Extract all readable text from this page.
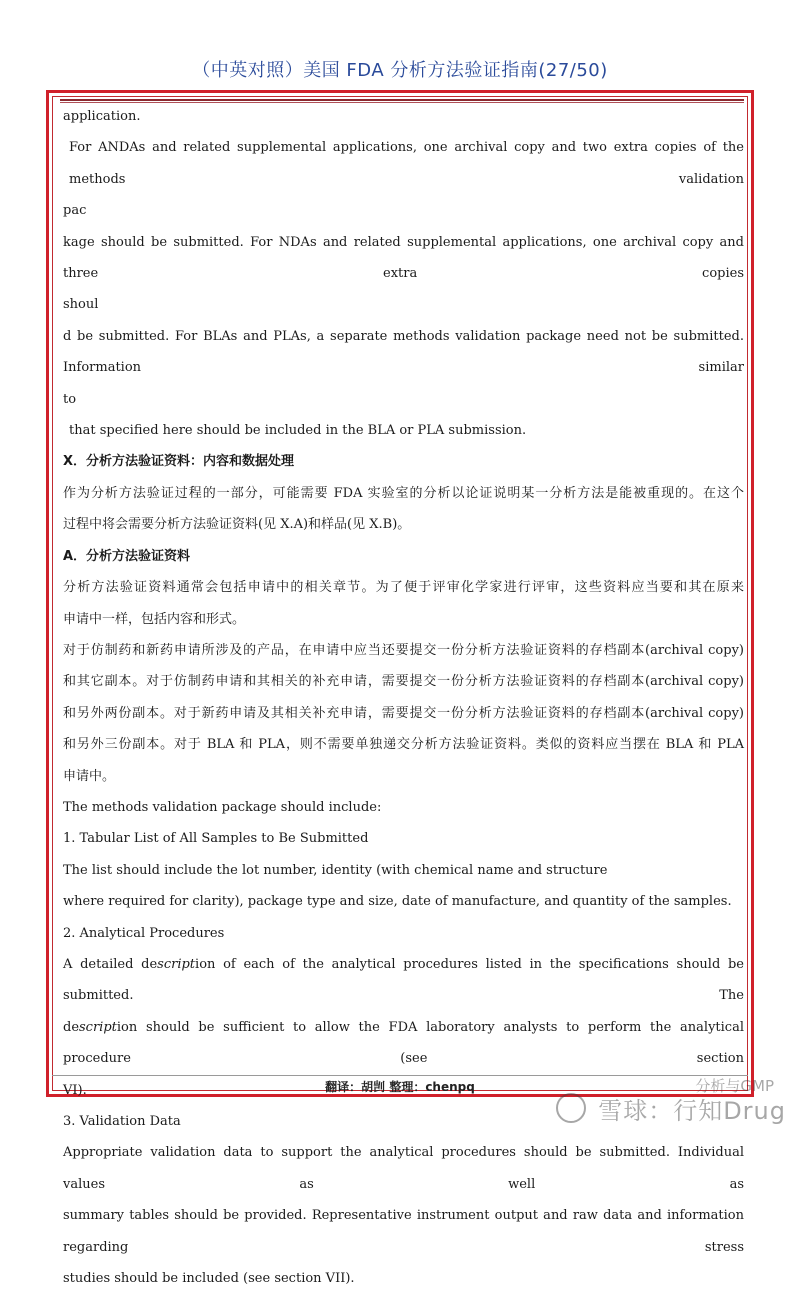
（中英对照）美国 FDA 分析方法验证指南(27/50)

application.

For ANDAs and related supplemental applications, one archival copy and two extra copies of the methods validation

pac

kage should be submitted. For NDAs and related supplemental applications, one archival copy and three extra copies

shoul

d be submitted. For BLAs and PLAs, a separate methods validation package need not be submitted. Information similar

to

that specified here should be included in the BLA or PLA submission.

X．分析方法验证资料：内容和数据处理

作为分析方法验证过程的一部分，可能需要 FDA 实验室的分析以论证说明某一分析方法是能被重现的。在这个

过程中将会需要分析方法验证资料(见 X.A)和样品(见 X.B)。

A．分析方法验证资料

分析方法验证资料通常会包括申请中的相关章节。为了便于评审化学家进行评审，这些资料应当要和其在原来

申请中一样，包括内容和形式。

对于仿制药和新药申请所涉及的产品，在申请中应当还要提交一份分析方法验证资料的存档副本(archival copy)

和其它副本。对于仿制药申请和其相关的补充申请，需要提交一份分析方法验证资料的存档副本(archival copy)

和另外两份副本。对于新药申请及其相关补充申请，需要提交一份分析方法验证资料的存档副本(archival copy)

和另外三份副本。对于 BLA 和 PLA，则不需要单独递交分析方法验证资料。类似的资料应当摆在 BLA 和 PLA

申请中。

The methods validation package should include:

1. Tabular List of All Samples to Be Submitted

The list should include the lot number, identity (with chemical name and structure

where required for clarity), package type and size, date of manufacture, and quantity of the samples.

2. Analytical Procedures

A detailed description of each of the analytical procedures listed in the specifications should be submitted. The

description should be sufficient to allow the FDA laboratory analysts to perform the analytical procedure (see section

VI).

3. Validation Data

Appropriate validation data to support the analytical procedures should be submitted. Individual values as well as

summary tables should be provided. Representative instrument output and raw data and information regarding stress

studies should be included (see section VII).

翻译：胡剀 整理：chenpq	分析与GMP
雪球：行知Drug
